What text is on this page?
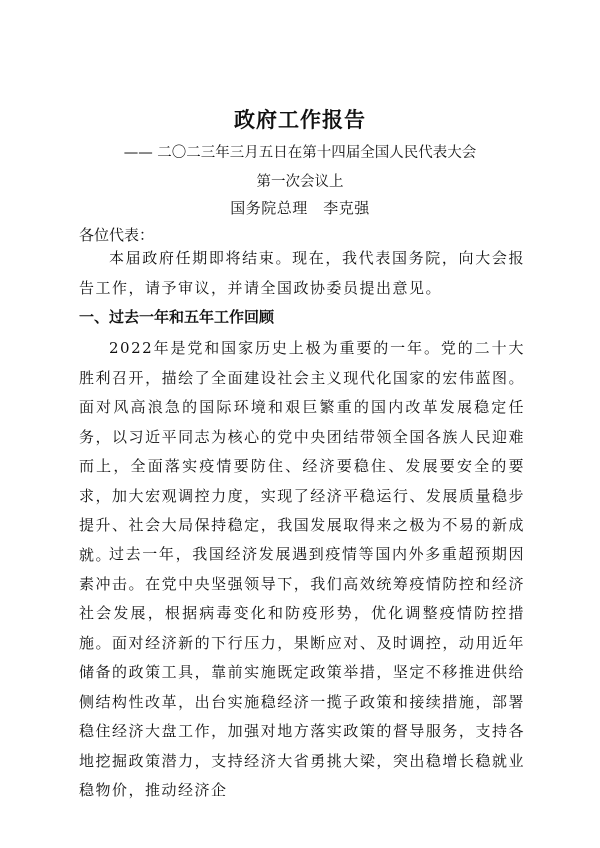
政府工作报告
—— 二〇二三年三月五日在第十四届全国人民代表大会
第一次会议上
国务院总理　李克强
各位代表：
本届政府任期即将结束。现在，我代表国务院，向大会报告工作，请予审议，并请全国政协委员提出意见。
一、过去一年和五年工作回顾
2022年是党和国家历史上极为重要的一年。党的二十大胜利召开，描绘了全面建设社会主义现代化国家的宏伟蓝图。面对风高浪急的国际环境和艰巨繁重的国内改革发展稳定任务，以习近平同志为核心的党中央团结带领全国各族人民迎难而上，全面落实疫情要防住、经济要稳住、发展要安全的要求，加大宏观调控力度，实现了经济平稳运行、发展质量稳步提升、社会大局保持稳定，我国发展取得来之极为不易的新成就。
过去一年，我国经济发展遇到疫情等国内外多重超预期因素冲击。在党中央坚强领导下，我们高效统筹疫情防控和经济社会发展，根据病毒变化和防疫形势，优化调整疫情防控措施。面对经济新的下行压力，果断应对、及时调控，动用近年储备的政策工具，靠前实施既定政策举措，坚定不移推进供给侧结构性改革，出台实施稳经济一揽子政策和接续措施，部署稳住经济大盘工作，加强对地方落实政策的督导服务，支持各地挖掘政策潜力，支持经济大省勇挑大梁，突出稳增长稳就业稳物价，推动经济企
